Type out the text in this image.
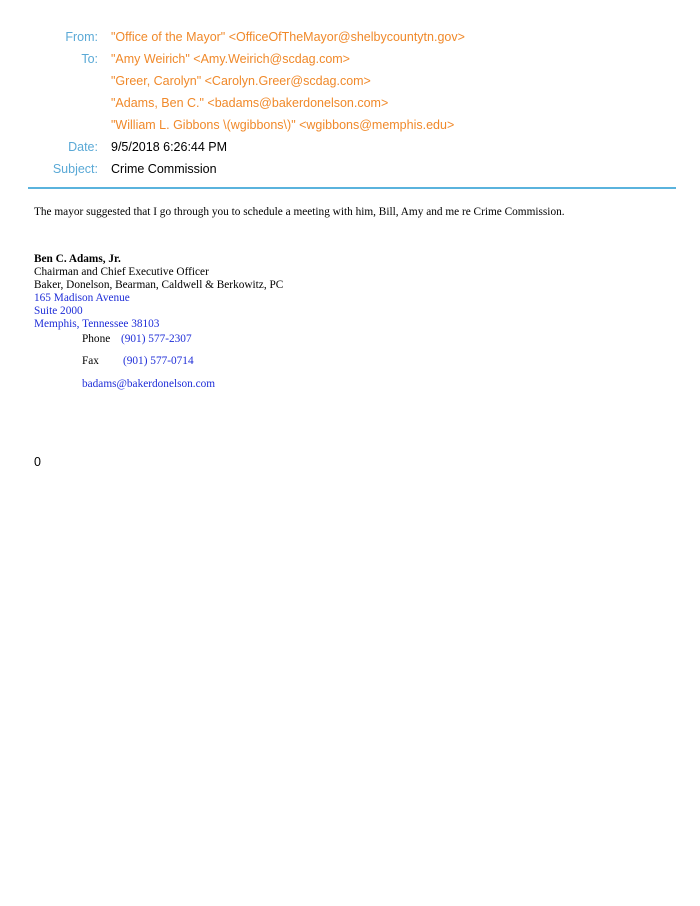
From: "Office of the Mayor" <OfficeOfTheMayor@shelbycountytn.gov>
To: "Amy Weirich" <Amy.Weirich@scdag.com>
"Greer, Carolyn" <Carolyn.Greer@scdag.com>
"Adams, Ben C." <badams@bakerdonelson.com>
"William L. Gibbons \(wgibbons\)" <wgibbons@memphis.edu>
Date: 9/5/2018 6:26:44 PM
Subject: Crime Commission

The mayor suggested that I go through you to schedule a meeting with him, Bill, Amy and me re Crime Commission.

Ben C. Adams, Jr.
Chairman and Chief Executive Officer
Baker, Donelson, Bearman, Caldwell & Berkowitz, PC
165 Madison Avenue
Suite 2000
Memphis, Tennessee 38103
Phone (901) 577-2307
Fax (901) 577-0714
badams@bakerdonelson.com
0
